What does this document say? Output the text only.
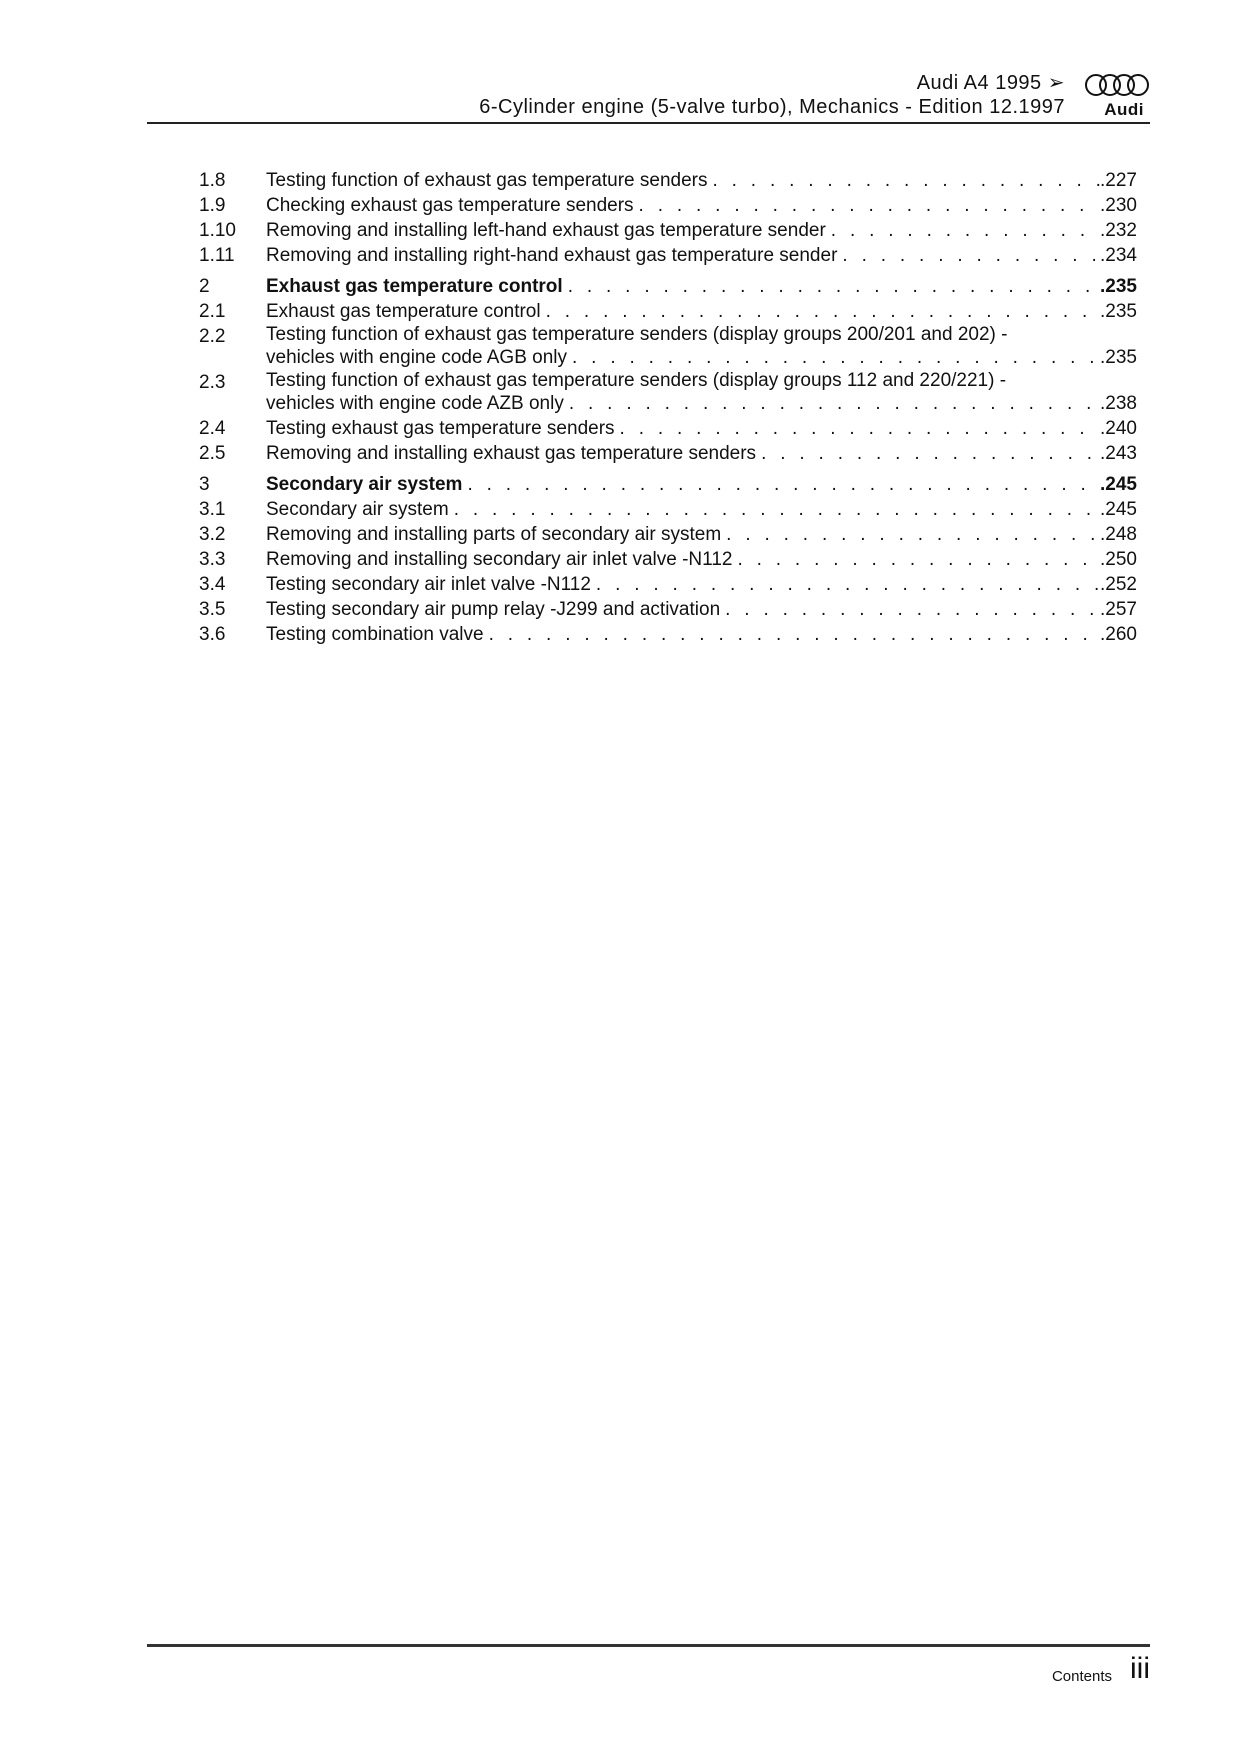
Audi A4 1995 ➢
6-Cylinder engine (5-valve turbo), Mechanics - Edition 12.1997 Audi
1.8	Testing function of exhaust gas temperature senders . . .	.227
1.9	Checking exhaust gas temperature senders . . .	.230
1.10	Removing and installing left-hand exhaust gas temperature sender . . .	.232
1.11	Removing and installing right-hand exhaust gas temperature sender . . .	.234
2	Exhaust gas temperature control . . .	.235
2.1	Exhaust gas temperature control . . .	.235
2.2	Testing function of exhaust gas temperature senders (display groups 200/201 and 202) -
vehicles with engine code AGB only . . .	.235
2.3	Testing function of exhaust gas temperature senders (display groups 112 and 220/221) -
vehicles with engine code AZB only . . .	.238
2.4	Testing exhaust gas temperature senders . . .	.240
2.5	Removing and installing exhaust gas temperature senders . . .	.243
3	Secondary air system . . .	.245
3.1	Secondary air system . . .	.245
3.2	Removing and installing parts of secondary air system . . .	.248
3.3	Removing and installing secondary air inlet valve -N112 . . .	.250
3.4	Testing secondary air inlet valve -N112 . . .	.252
3.5	Testing secondary air pump relay -J299 and activation . . .	.257
3.6	Testing combination valve . . .	.260
Contents iii
